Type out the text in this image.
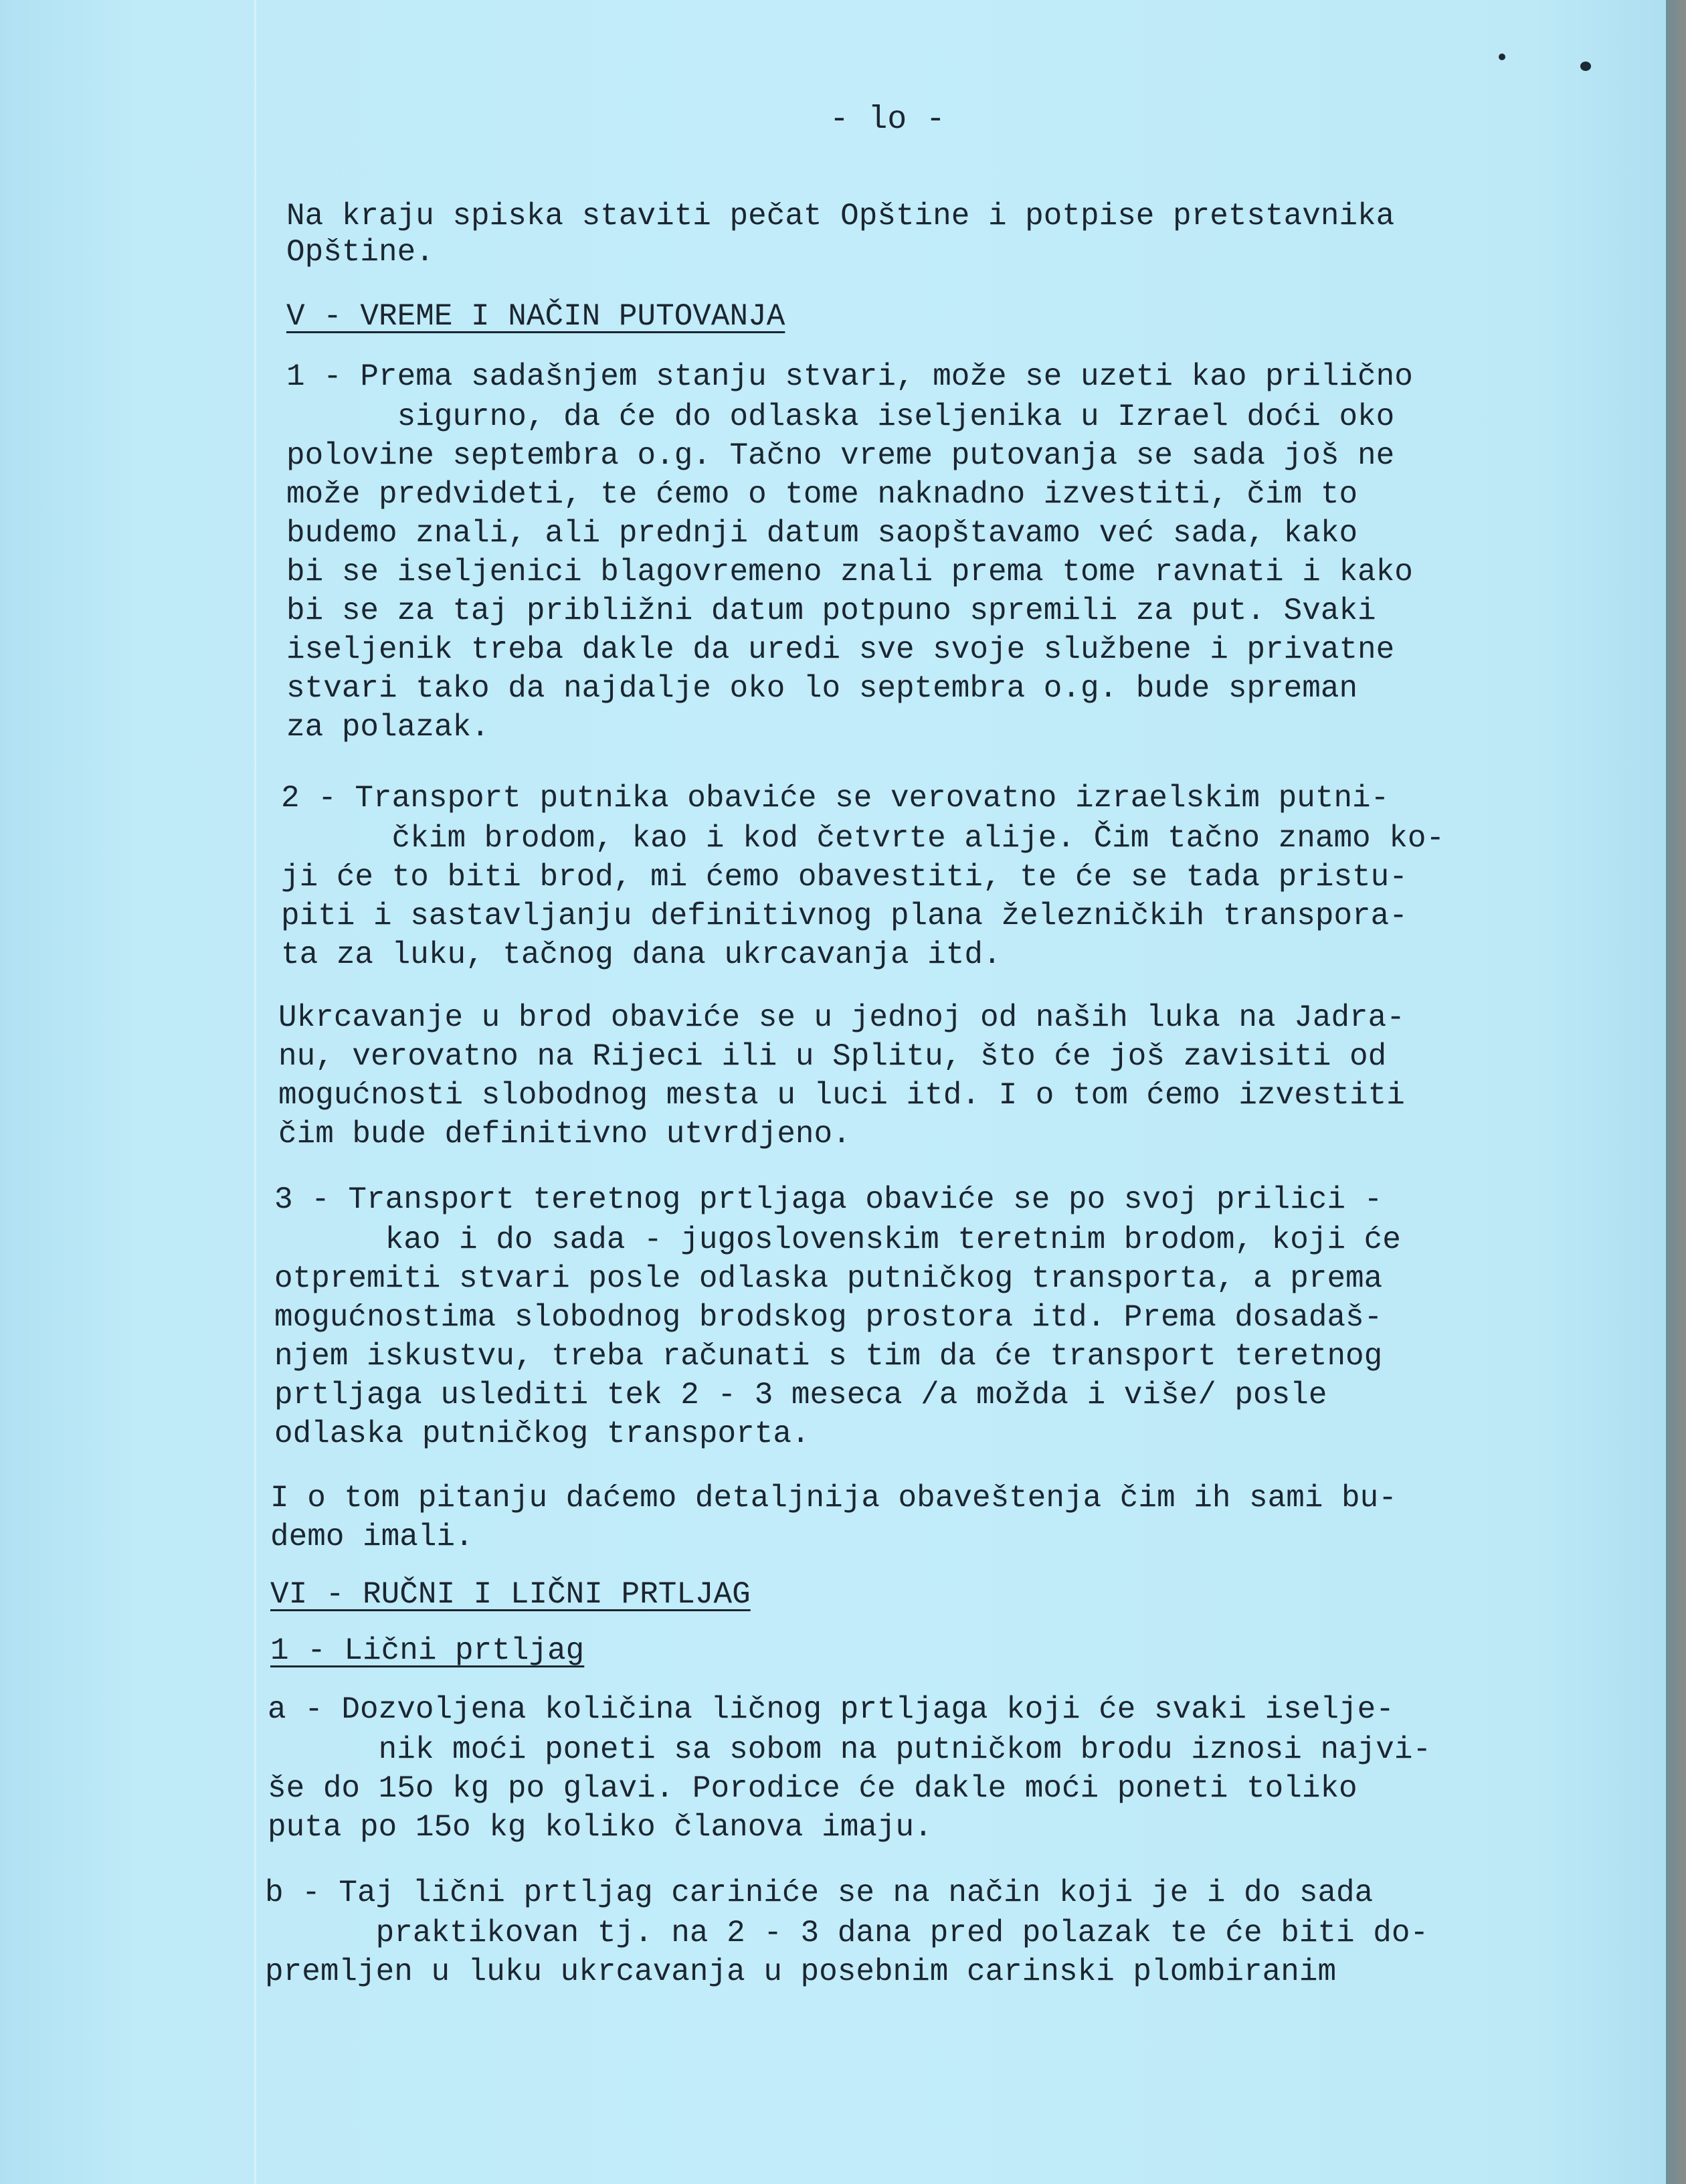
- lo -
Na kraju spiska staviti pečat Opštine i potpise pretstavnika
Opštine.
V - VREME I NAČIN PUTOVANJA
1 - Prema sadašnjem stanju stvari, može se uzeti kao prilično
sigurno, da će do odlaska iseljenika u Izrael doći oko
polovine septembra o.g. Tačno vreme putovanja se sada još ne
može predvideti, te ćemo o tome naknadno izvestiti, čim to
budemo znali, ali prednji datum saopštavamo već sada, kako
bi se iseljenici blagovremeno znali prema tome ravnati i kako
bi se za taj približni datum potpuno spremili za put. Svaki
iseljenik treba dakle da uredi sve svoje službene i privatne
stvari tako da najdalje oko lo septembra o.g. bude spreman
za polazak.
2 - Transport putnika obaviće se verovatno izraelskim putni-
čkim brodom, kao i kod četvrte alije. Čim tačno znamo ko-
ji će to biti brod, mi ćemo obavestiti, te će se tada pristu-
piti i sastavljanju definitivnog plana železničkih transpora-
ta za luku, tačnog dana ukrcavanja itd.
Ukrcavanje u brod obaviće se u jednoj od naših luka na Jadra-
nu, verovatno na Rijeci ili u Splitu, što će još zavisiti od
mogućnosti slobodnog mesta u luci itd. I o tom ćemo izvestiti
čim bude definitivno utvrdjeno.
3 - Transport teretnog prtljaga obaviće se po svoj prilici -
kao i do sada - jugoslovenskim teretnim brodom, koji će
otpremiti stvari posle odlaska putničkog transporta, a prema
mogućnostima slobodnog brodskog prostora itd. Prema dosadaš-
njem iskustvu, treba računati s tim da će transport teretnog
prtljaga uslediti tek 2 - 3 meseca /a možda i više/ posle
odlaska putničkog transporta.
I o tom pitanju daćemo detaljnija obaveštenja čim ih sami bu-
demo imali.
VI - RUČNI I LIČNI PRTLJAG
1 - Lični prtljag
a - Dozvoljena količina ličnog prtljaga koji će svaki iselje-
nik moći poneti sa sobom na putničkom brodu iznosi najvi-
še do 15o kg po glavi. Porodice će dakle moći poneti toliko
puta po 15o kg koliko članova imaju.
b - Taj lični prtljag cariniće se na način koji je i do sada
praktikovan tj. na 2 - 3 dana pred polazak te će biti do-
premljen u luku ukrcavanja u posebnim carinski plombiranim
